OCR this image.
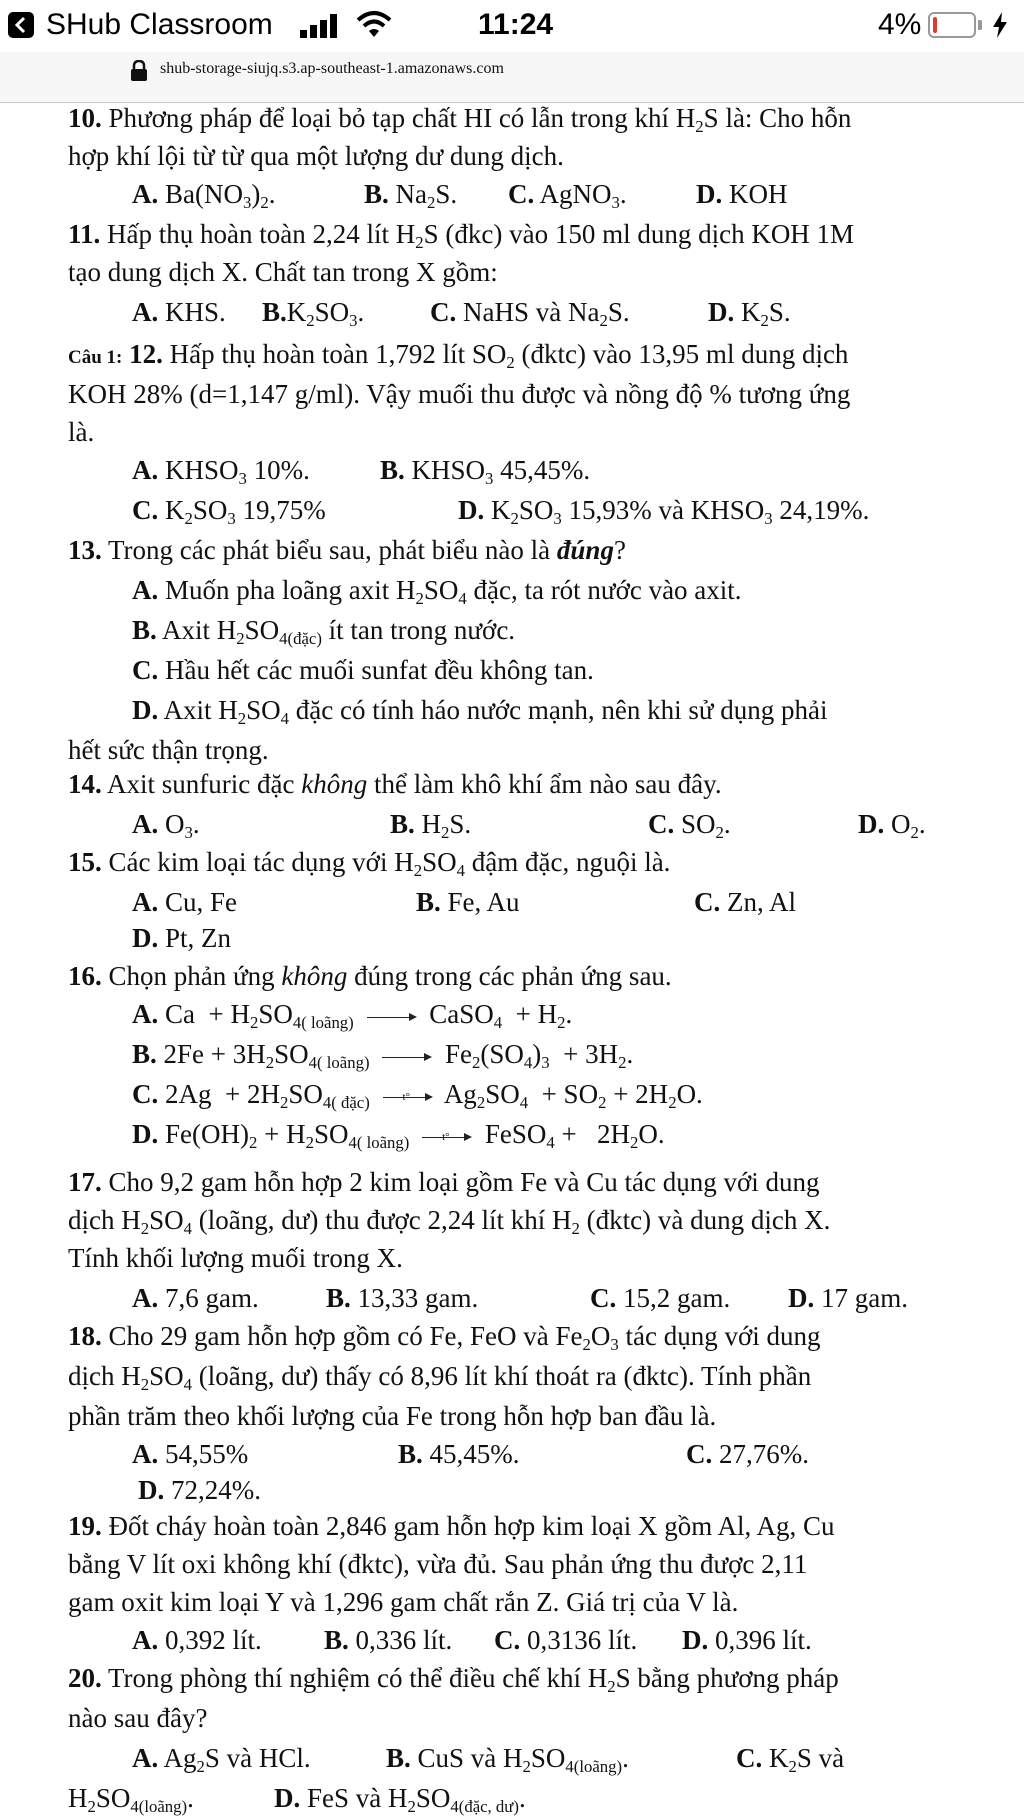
SHub Classroom	11:24	4%
shub-storage-siujq.s3.ap-southeast-1.amazonaws.com
10. Phương pháp để loại bỏ tạp chất HI có lẫn trong khí $H_2S$ là: Cho hỗn
hợp khí lội từ từ qua một lượng dư dung dịch.
A. $Ba(NO_3)_2$.	B. $Na_2S$. C. AgNO$_3$.	D. KOH
11. Hấp thụ hoàn toàn 2,24 lít $H_2S$ (đkc) vào 150 ml dung dịch KOH 1M
tạo dung dịch X. Chất tan trong X gồm:
A. KHS. $B.K_2SO_3$. C. NaHS và $Na_2S$.	D. $K_2S$.
Câu 1: 12. Hấp thụ hoàn toàn 1,792 lít $SO_2$ (đktc) vào 13,95 ml dung dịch
KOH 28% (d=1,147 g/ml). Vậy muối thu được và nồng độ % tương ứng
là.
A. $KHSO_3$ 10%.	B. $KHSO_3$ 45,45%.
C. $K_2SO_3$ 19,75%	D. $K_2SO_3$ 15,93% và $KHSO_3$ 24,19%.
13. Trong các phát biểu sau, phát biểu nào là đúng?
A. Muốn pha loãng axit $H_2SO_4$ đặc, ta rót nước vào axit.
B. Axit $H_2SO_{4(đặc)}$ ít tan trong nước.
C. Hầu hết các muối sunfat đều không tan.
D. Axit $H_2SO_4$ đặc có tính háo nước mạnh, nên khi sử dụng phải
hết sức thận trọng.
14. Axit sunfuric đặc không thể làm khô khí ẩm nào sau đây.
A. $O_3$.	B. $H_2S$.	C. $SO_2$.	D. $O_2$.
15. Các kim loại tác dụng với $H_2SO_4$ đậm đặc, nguội là.
A. Cu, Fe	B. Fe, Au	C. Zn, Al
D. Pt, Zn
16. Chọn phản ứng không đúng trong các phản ứng sau.
A. $Ca + H_2SO_{4( loãng)}$	CaSO$_4$ + $H_2$.
B. $2Fe + 3H_2SO_{4( loãng)}$	$Fe_2(SO_4)_3 + 3H_2$.
C. $2Ag + 2H_2SO_{4( đặc)}$	t° $Ag_2SO_4 + SO_2 + 2H_2O$.
D. $Fe(OH)_2 + H_2SO_{4( loãng)}$	t° FeSO$_4$ + $2H_2O$.
17. Cho 9,2 gam hỗn hợp 2 kim loại gồm Fe và Cu tác dụng với dung
dịch $H_2SO_4$ (loãng, dư) thu được 2,24 lít khí $H_2$ (đktc) và dung dịch X.
Tính khối lượng muối trong X.
A. 7,6 gam. B. 13,33 gam.	C. 15,2 gam. D. 17 gam.
18. Cho 29 gam hỗn hợp gồm có Fe, FeO và $Fe_2O_3$ tác dụng với dung
dịch $H_2SO_4$ (loãng, dư) thấy có 8,96 lít khí thoát ra (đktc). Tính phần
phần trăm theo khối lượng của Fe trong hỗn hợp ban đầu là.
A. 54,55%	B. 45,45%.	C. 27,76%.
D. 72,24%.
19. Đốt cháy hoàn toàn 2,846 gam hỗn hợp kim loại X gồm Al, Ag, Cu
bằng V lít oxi không khí (đktc), vừa đủ. Sau phản ứng thu được 2,11
gam oxit kim loại Y và 1,296 gam chất rắn Z. Giá trị của V là.
A. 0,392 lít. B. 0,336 lít. C. 0,3136 lít. D. 0,396 lít.
20. Trong phòng thí nghiệm có thể điều chế khí $H_2S$ bằng phương pháp
nào sau đây?
A. $Ag_2S$ và HCl.	B. CuS và $H_2SO_{4(loãng)}$.	C. $K_2S$ và
$H_2SO_{4(loãng)}$.	D. FeS và $H_2SO_{4(đặc, dư)}$.
